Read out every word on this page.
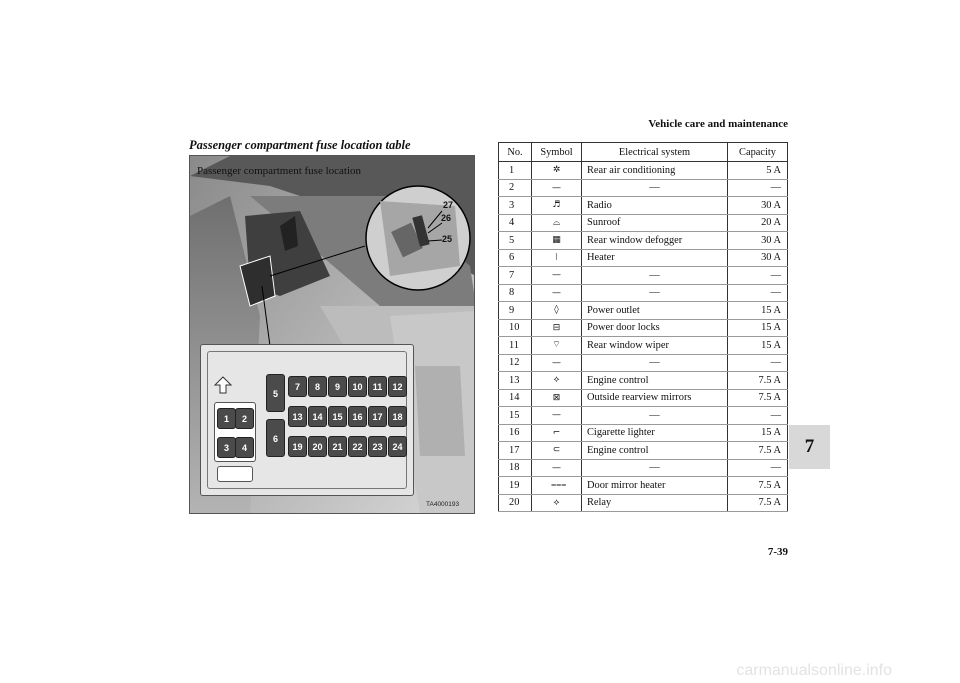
Vehicle care and maintenance
7-39
Passenger compartment fuse location table
7
27
26
25
Passenger compartment fuse location
1	2
3	4
5
6
7	8	9	10	11	12
13	14	15	16	17	18
19	20	21	22	23	24
TA4000193
No.	Symbol	Electrical system	Capacity
1	✲	Rear air conditioning	5 A
2	—	—	—
3	♬	Radio	30 A
4	⌓	Sunroof	20 A
5	▦	Rear window defogger	30 A
6	⦚	Heater	30 A
7	—	—	—
8	—	—	—
9	◊	Power outlet	15 A
10	⊟	Power door locks	15 A
11	⌔	Rear window wiper	15 A
12	—	—	—
13	⟡	Engine control	7.5 A
14	⊠	Outside rearview mirrors	7.5 A
15	—	—	—
16	⌐	Cigarette lighter	15 A
17	⊂	Engine control	7.5 A
18	—	—	—
19	⩶	Door mirror heater	7.5 A
20	⟡	Relay	7.5 A
carmanualsonline.info
